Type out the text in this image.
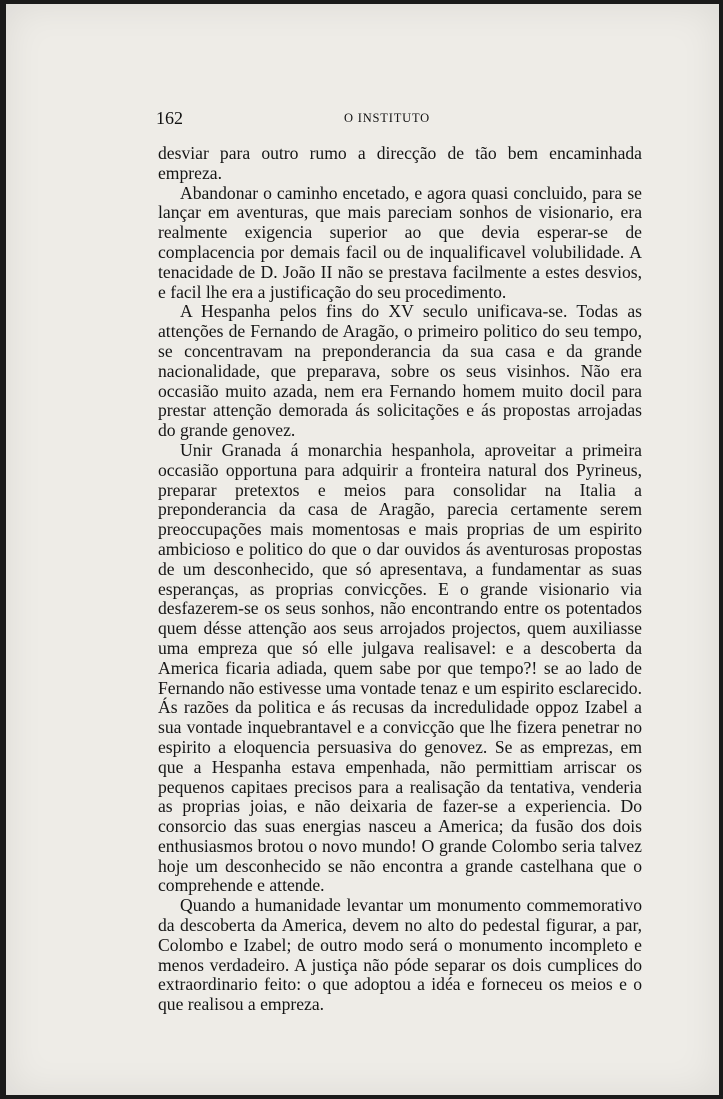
162	O INSTITUTO

desviar para outro rumo a direcção de tão bem encaminhada empreza.

Abandonar o caminho encetado, e agora quasi concluido, para se lançar em aventuras, que mais pareciam sonhos de visionario, era realmente exigencia superior ao que devia esperar-se de complacencia por demais facil ou de inqualificavel volubilidade. A tenacidade de D. João II não se prestava facilmente a estes desvios, e facil lhe era a justificação do seu procedimento.

A Hespanha pelos fins do XV seculo unificava-se. Todas as attenções de Fernando de Aragão, o primeiro politico do seu tempo, se concentravam na preponderancia da sua casa e da grande nacionalidade, que preparava, sobre os seus visinhos. Não era occasião muito azada, nem era Fernando homem muito docil para prestar attenção demorada ás solicitações e ás propostas arrojadas do grande genovez.

Unir Granada á monarchia hespanhola, aproveitar a primeira occasião opportuna para adquirir a fronteira natural dos Pyrineus, preparar pretextos e meios para consolidar na Italia a preponderancia da casa de Aragão, parecia certamente serem preoccupações mais momentosas e mais proprias de um espirito ambicioso e politico do que o dar ouvidos ás aventurosas propostas de um desconhecido, que só apresentava, a fundamentar as suas esperanças, as proprias convicções. E o grande visionario via desfazerem-se os seus sonhos, não encontrando entre os potentados quem désse attenção aos seus arrojados projectos, quem auxiliasse uma empreza que só elle julgava realisavel: e a descoberta da America ficaria adiada, quem sabe por que tempo?! se ao lado de Fernando não estivesse uma vontade tenaz e um espirito esclarecido. Ás razões da politica e ás recusas da incredulidade oppoz Izabel a sua vontade inquebrantavel e a convicção que lhe fizera penetrar no espirito a eloquencia persuasiva do genovez. Se as emprezas, em que a Hespanha estava empenhada, não permittiam arriscar os pequenos capitaes precisos para a realisação da tentativa, venderia as proprias joias, e não deixaria de fazer-se a experiencia. Do consorcio das suas energias nasceu a America; da fusão dos dois enthusiasmos brotou o novo mundo! O grande Colombo seria talvez hoje um desconhecido se não encontra a grande castelhana que o comprehende e attende.

Quando a humanidade levantar um monumento commemorativo da descoberta da America, devem no alto do pedestal figurar, a par, Colombo e Izabel; de outro modo será o monumento incompleto e menos verdadeiro. A justiça não póde separar os dois cumplices do extraordinario feito: o que adoptou a idéa e forneceu os meios e o que realisou a empreza.
